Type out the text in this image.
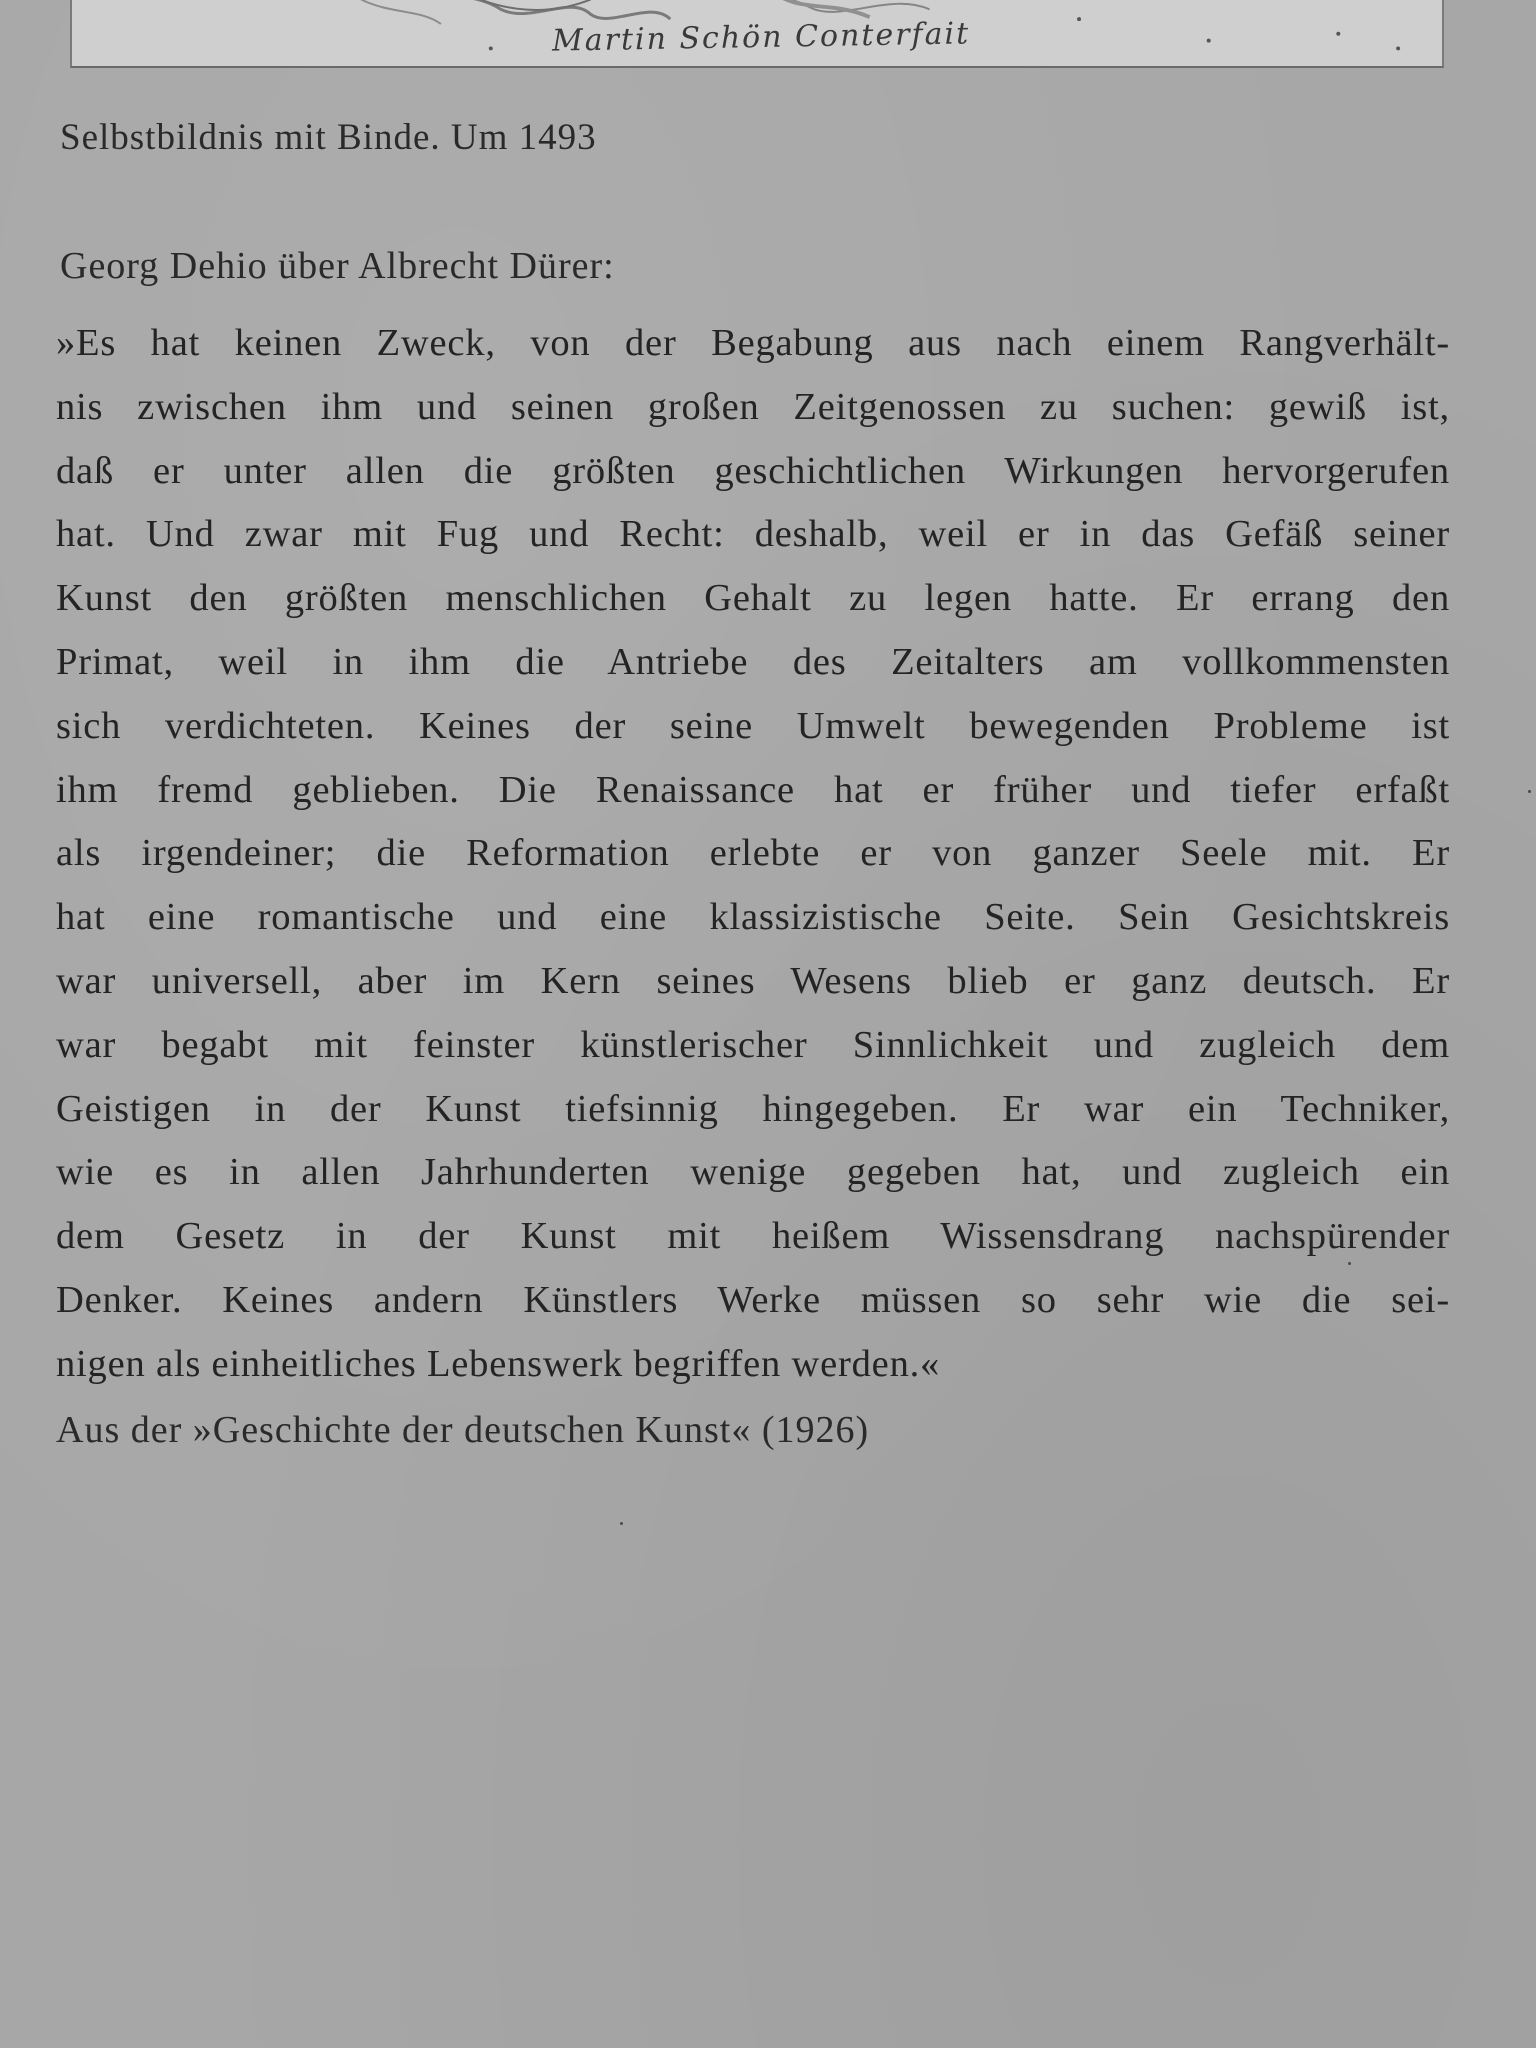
Martin Schön Conterfait
Selbstbildnis mit Binde. Um 1493
Georg Dehio über Albrecht Dürer:
»Es hat keinen Zweck, von der Begabung aus nach einem Rangverhält-
nis zwischen ihm und seinen großen Zeitgenossen zu suchen: gewiß ist,
daß er unter allen die größten geschichtlichen Wirkungen hervorgerufen
hat. Und zwar mit Fug und Recht: deshalb, weil er in das Gefäß seiner
Kunst den größten menschlichen Gehalt zu legen hatte. Er errang den
Primat, weil in ihm die Antriebe des Zeitalters am vollkommensten
sich verdichteten. Keines der seine Umwelt bewegenden Probleme ist
ihm fremd geblieben. Die Renaissance hat er früher und tiefer erfaßt
als irgendeiner; die Reformation erlebte er von ganzer Seele mit. Er
hat eine romantische und eine klassizistische Seite. Sein Gesichtskreis
war universell, aber im Kern seines Wesens blieb er ganz deutsch. Er
war begabt mit feinster künstlerischer Sinnlichkeit und zugleich dem
Geistigen in der Kunst tiefsinnig hingegeben. Er war ein Techniker,
wie es in allen Jahrhunderten wenige gegeben hat, und zugleich ein
dem Gesetz in der Kunst mit heißem Wissensdrang nachspürender
Denker. Keines andern Künstlers Werke müssen so sehr wie die sei-
nigen als einheitliches Lebenswerk begriffen werden.«
Aus der »Geschichte der deutschen Kunst« (1926)
